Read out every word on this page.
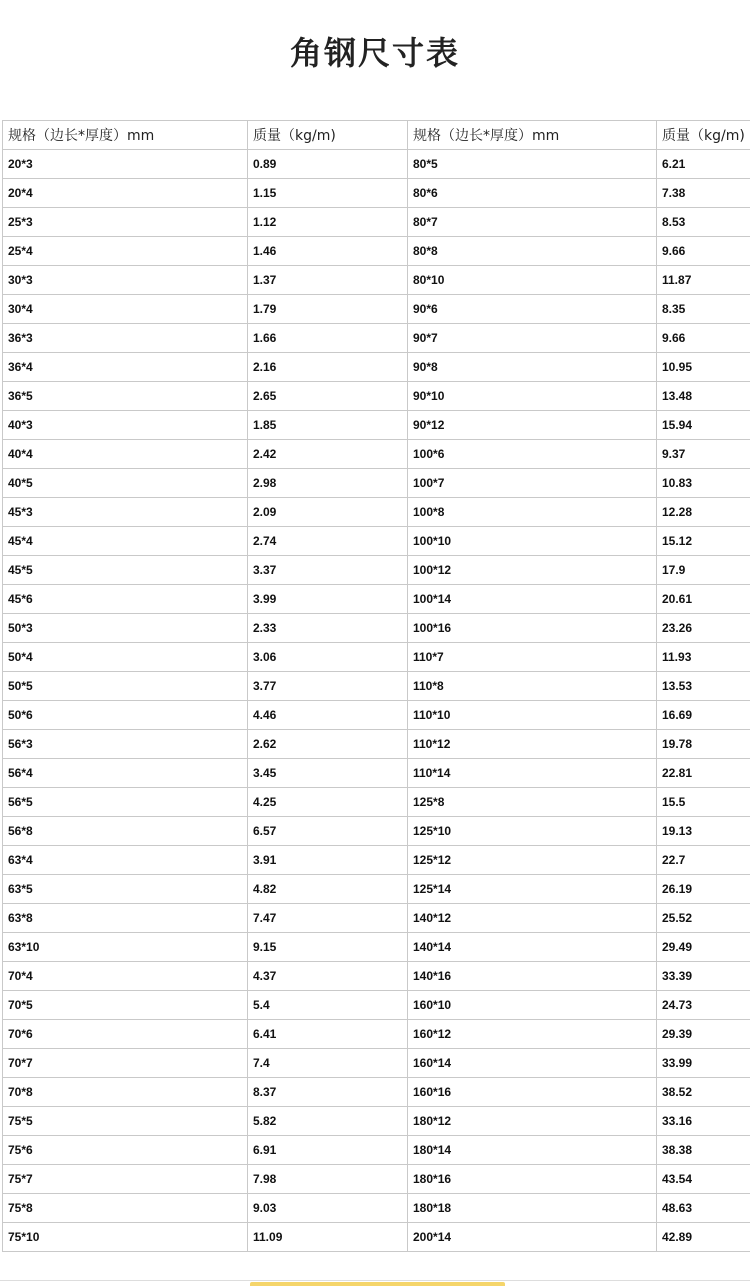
角钢尺寸表
规格（边长*厚度）mm	质量（kg/m)	规格（边长*厚度）mm	质量（kg/m)
20*3	0.89	80*5	6.21
20*4	1.15	80*6	7.38
25*3	1.12	80*7	8.53
25*4	1.46	80*8	9.66
30*3	1.37	80*10	11.87
30*4	1.79	90*6	8.35
36*3	1.66	90*7	9.66
36*4	2.16	90*8	10.95
36*5	2.65	90*10	13.48
40*3	1.85	90*12	15.94
40*4	2.42	100*6	9.37
40*5	2.98	100*7	10.83
45*3	2.09	100*8	12.28
45*4	2.74	100*10	15.12
45*5	3.37	100*12	17.9
45*6	3.99	100*14	20.61
50*3	2.33	100*16	23.26
50*4	3.06	110*7	11.93
50*5	3.77	110*8	13.53
50*6	4.46	110*10	16.69
56*3	2.62	110*12	19.78
56*4	3.45	110*14	22.81
56*5	4.25	125*8	15.5
56*8	6.57	125*10	19.13
63*4	3.91	125*12	22.7
63*5	4.82	125*14	26.19
63*8	7.47	140*12	25.52
63*10	9.15	140*14	29.49
70*4	4.37	140*16	33.39
70*5	5.4	160*10	24.73
70*6	6.41	160*12	29.39
70*7	7.4	160*14	33.99
70*8	8.37	160*16	38.52
75*5	5.82	180*12	33.16
75*6	6.91	180*14	38.38
75*7	7.98	180*16	43.54
75*8	9.03	180*18	48.63
75*10	11.09	200*14	42.89
